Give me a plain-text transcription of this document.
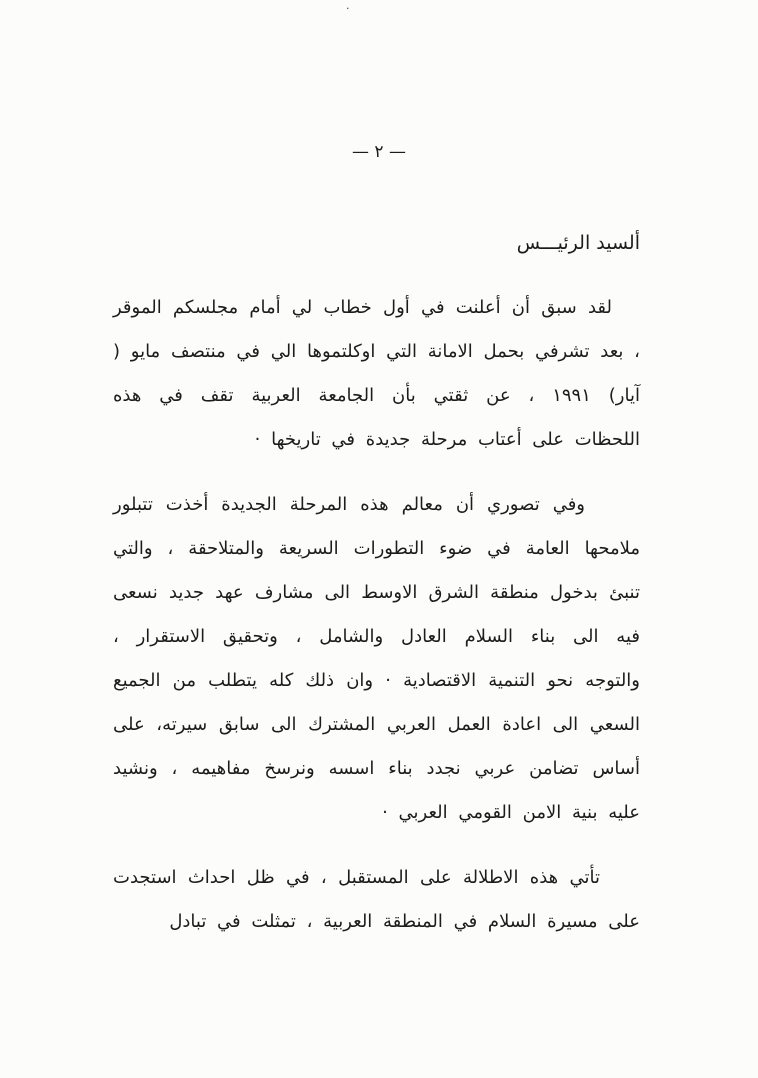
·
— ٢ —
ألسيد الرئيـــس

لقد سبق أن أعلنت في أول خطاب لي أمام مجلسكم الموقر ، بعد تشرفي بحمل الامانة التي اوكلتموها الي في منتصف مايو ( آيار) ١٩٩١ ، عن ثقتي بأن الجامعة العربية تقف في هذه اللحظات على أعتاب مرحلة جديدة في تاريخها ·

وفي تصوري أن معالم هذه المرحلة الجديدة أخذت تتبلور ملامحها العامة في ضوء التطورات السريعة والمتلاحقة ، والتي تنبئ بدخول منطقة الشرق الاوسط الى مشارف عهد جديد نسعى فيه الى بناء السلام العادل والشامل ، وتحقيق الاستقرار ، والتوجه نحو التنمية الاقتصادية · وان ذلك كله يتطلب من الجميع السعي الى اعادة العمل العربي المشترك الى سابق سيرته، على أساس تضامن عربي نجدد بناء اسسه ونرسخ مفاهيمه ، ونشيد عليه بنية الامن القومي العربي ·

تأتي هذه الاطلالة على المستقبل ، في ظل احداث استجدت على مسيرة السلام في المنطقة العربية ، تمثلت في تبادل
